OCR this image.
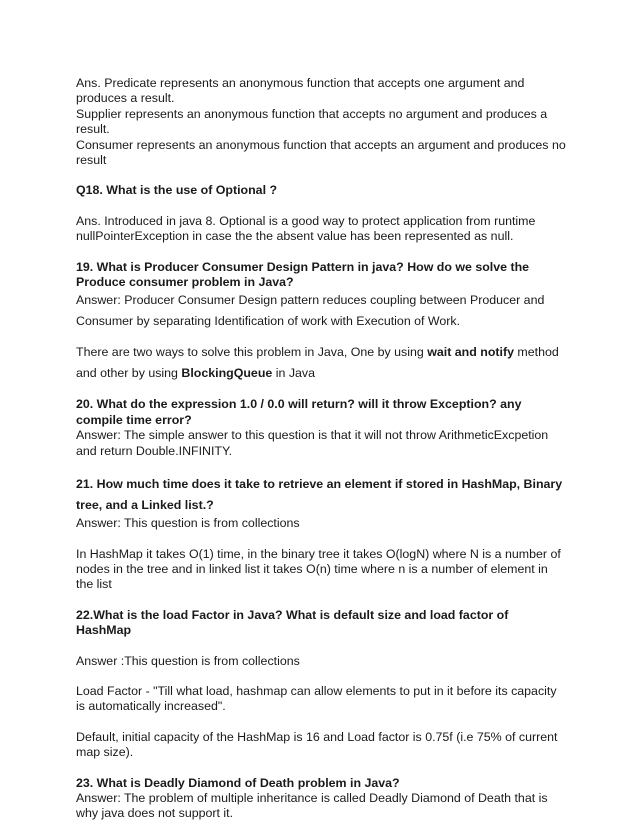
Ans. Predicate represents an anonymous function that accepts one argument and produces a result.

Supplier represents an anonymous function that accepts no argument and produces a result.

Consumer represents an anonymous function that accepts an argument and produces no result

Q18. What is the use of Optional ?

Ans. Introduced in java 8. Optional is a good way to protect application from runtime nullPointerException in case the the absent value has been represented as null.

19. What is Producer Consumer Design Pattern in java? How do we solve the Produce consumer problem in Java?

Answer: Producer Consumer Design pattern reduces coupling between Producer and Consumer by separating Identification of work with Execution of Work.

There are two ways to solve this problem in Java, One by using wait and notify method and other by using BlockingQueue in Java

20. What do the expression 1.0 / 0.0 will return? will it throw Exception? any compile time error?

Answer: The simple answer to this question is that it will not throw ArithmeticExcpetion and return Double.INFINITY.

21. How much time does it take to retrieve an element if stored in HashMap, Binary tree, and a Linked list.?

Answer: This question is from collections

In HashMap it takes O(1) time, in the binary tree it takes O(logN) where N is a number of nodes in the tree and in linked list it takes O(n) time where n is a number of element in the list

22.What is the load Factor in Java? What is default size and load factor of HashMap

Answer :This question is from collections

Load Factor - "Till what load, hashmap can allow elements to put in it before its capacity is automatically increased".

Default, initial capacity of the HashMap is 16 and Load factor is 0.75f (i.e 75% of current map size).

23. What is Deadly Diamond of Death problem in Java?

Answer: The problem of multiple inheritance is called Deadly Diamond of Death that is why java does not support it.
